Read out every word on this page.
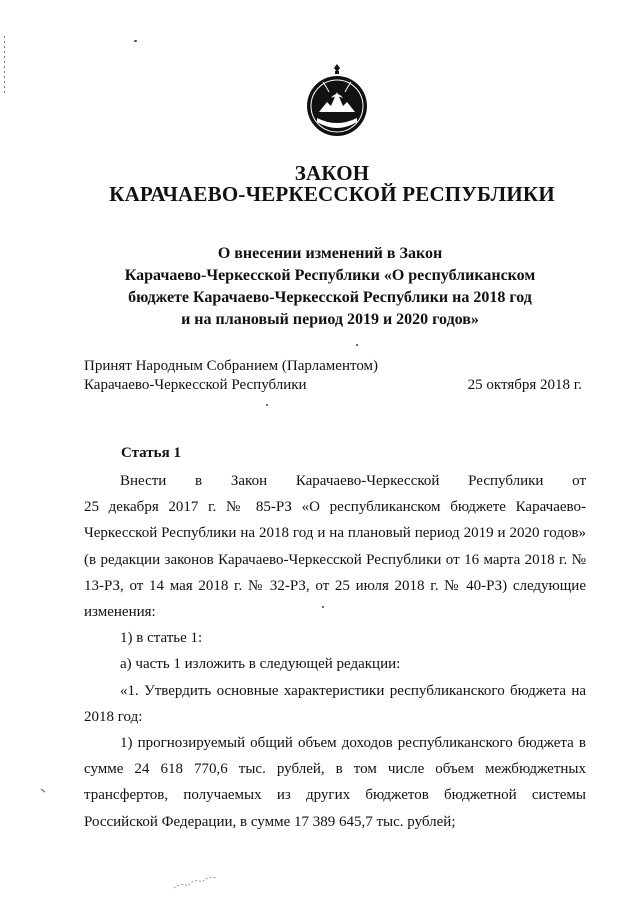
ЗАКОН
КАРАЧАЕВО-ЧЕРКЕССКОЙ РЕСПУБЛИКИ
О внесении изменений в Закон
Карачаево-Черкесской Республики «О республиканском
бюджете Карачаево-Черкесской Республики на 2018 год
и на плановый период 2019 и 2020 годов»
Принят Народным Собранием (Парламентом)
Карачаево-Черкесской Республики	25 октября 2018 г.
Статья 1
Внести в Закон Карачаево-Черкесской Республики от

25 декабря 2017 г. № 85-РЗ «О республиканском бюджете Карачаево-Черкесской Республики на 2018 год и на плановый период 2019 и 2020 годов» (в редакции законов Карачаево-Черкесской Республики от 16 марта 2018 г. № 13-РЗ, от 14 мая 2018 г. № 32-РЗ, от 25 июля 2018 г. № 40-РЗ) следующие изменения:

1) в статье 1:

а) часть 1 изложить в следующей редакции:

«1. Утвердить основные характеристики республиканского бюджета на 2018 год:

1) прогнозируемый общий объем доходов республиканского бюджета в сумме 24 618 770,6 тыс. рублей, в том числе объем межбюджетных трансфертов, получаемых из других бюджетов бюджетной системы Российской Федерации, в сумме 17 389 645,7 тыс. рублей;
